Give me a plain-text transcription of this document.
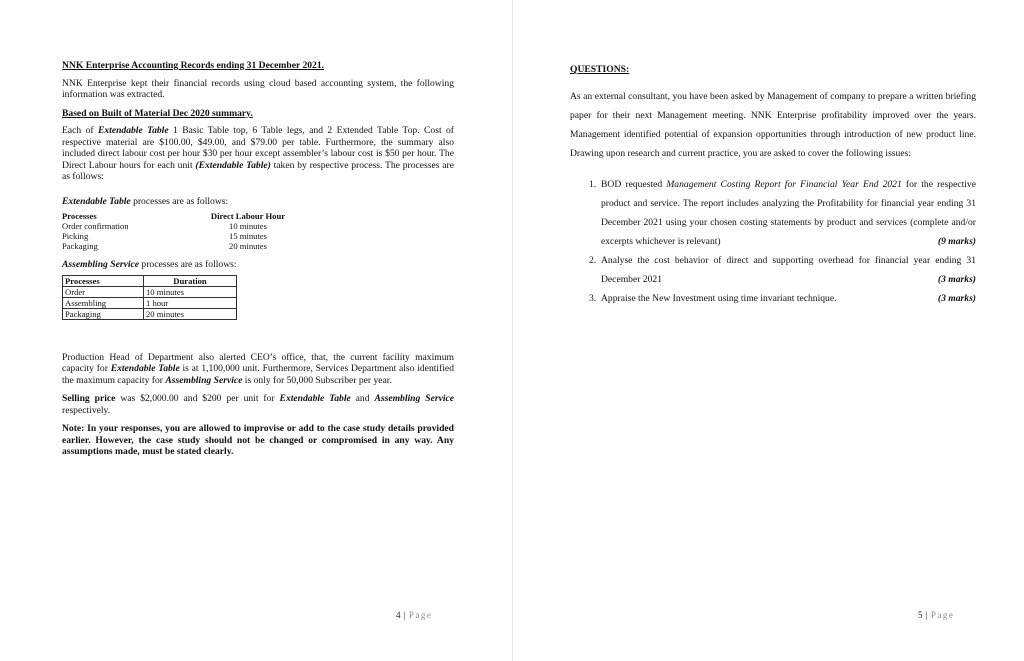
NNK Enterprise Accounting Records ending 31 December 2021.

NNK Enterprise kept their financial records using cloud based accounting system, the following information was extracted.

Based on Built of Material Dec 2020 summary.

Each of Extendable Table 1 Basic Table top, 6 Table legs, and 2 Extended Table Top. Cost of respective material are $100.00, $49.00, and $79.00 per table. Furthermore, the summary also included direct labour cost per hour $30 per hour except assembler’s labour cost is $50 per hour. The Direct Labour hours for each unit (Extendable Table) taken by respective process. The processes are as follows:

Extendable Table processes are as follows:
Processes	Direct Labour Hour
Order confirmation	10 minutes
Picking	15 minutes
Packaging	20 minutes
Assembling Service processes are as follows:
Processes	Duration
Order	10 minutes
Assembling	1 hour
Packaging	20 minutes

Production Head of Department also alerted CEO’s office, that, the current facility maximum capacity for Extendable Table is at 1,100,000 unit. Furthermore, Services Department also identified the maximum capacity for Assembling Service is only for 50,000 Subscriber per year.

Selling price was $2,000.00 and $200 per unit for Extendable Table and Assembling Service respectively.

Note: In your responses, you are allowed to improvise or add to the case study details provided earlier. However, the case study should not be changed or compromised in any way. Any assumptions made, must be stated clearly.

4 | Page
QUESTIONS:

As an external consultant, you have been asked by Management of company to prepare a written briefing paper for their next Management meeting. NNK Enterprise profitability improved over the years. Management identified potential of expansion opportunities through introduction of new product line. Drawing upon research and current practice, you are asked to cover the following issues:

1. BOD requested Management Costing Report for Financial Year End 2021 for the respective product and service. The report includes analyzing the Profitability for financial year ending 31 December 2021 using your chosen costing statements by product and services (complete and/or excerpts whichever is relevant)	(9 marks)
2. Analyse the cost behavior of direct and supporting overhead for financial year ending 31 December 2021	(3 marks)
3. Appraise the New Investment using time invariant technique.	(3 marks)
5 | Page
